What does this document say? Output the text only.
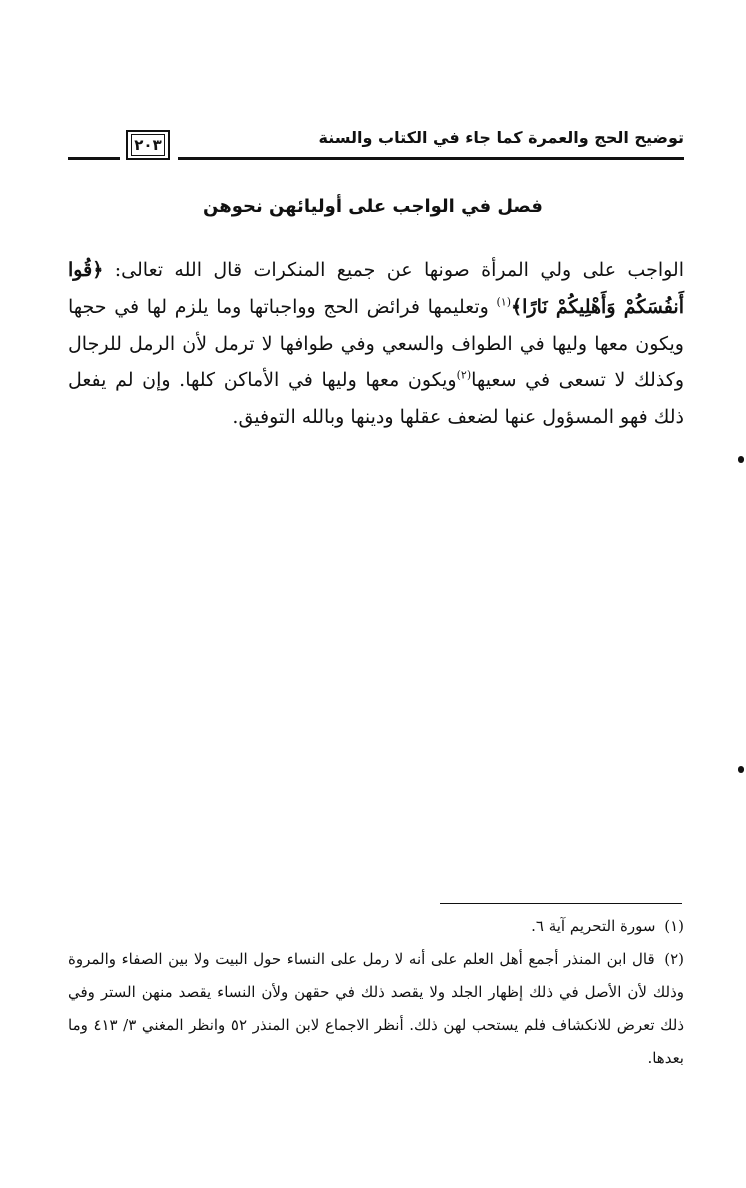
توضيح الحج والعمرة كما جاء في الكتاب والسنة
٢٠٣
فصل في الواجب على أوليائهن نحوهن
الواجب على ولي المرأة صونها عن جميع المنكرات قال الله تعالى: ﴿قُوا أَنفُسَكُمْ وَأَهْلِيكُمْ نَارًا﴾$^{(١)}$ وتعليمها فرائض الحج وواجباتها وما يلزم لها في حجها ويكون معها وليها في الطواف والسعي وفي طوافها لا ترمل لأن الرمل للرجال وكذلك لا تسعى في سعيها$^{(٢)}$ويكون معها وليها في الأماكن كلها. وإن لم يفعل ذلك فهو المسؤول عنها لضعف عقلها ودينها وبالله التوفيق.
(١) سورة التحريم آية ٦.
(٢) قال ابن المنذر أجمع أهل العلم على أنه لا رمل على النساء حول البيت ولا بين الصفاء والمروة وذلك لأن الأصل في ذلك إظهار الجلد ولا يقصد ذلك في حقهن ولأن النساء يقصد منهن الستر وفي ذلك تعرض للانكشاف فلم يستحب لهن ذلك. أنظر الاجماع لابن المنذر ٥٢ وانظر المغني ٣/ ٤١٣ وما بعدها.
